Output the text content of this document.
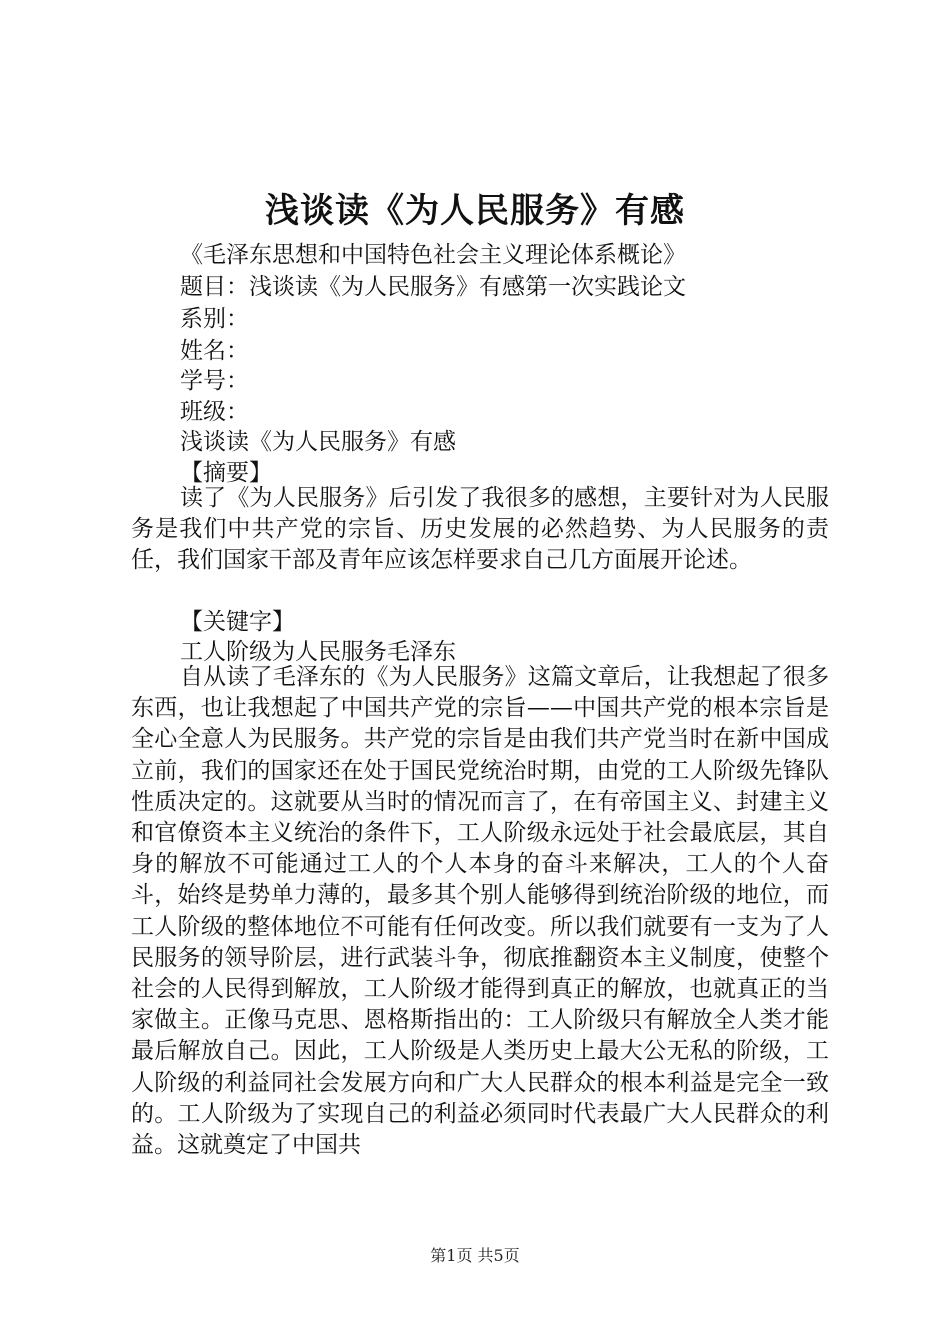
浅谈读《为人民服务》有感
《毛泽东思想和中国特色社会主义理论体系概论》
题目：浅谈读《为人民服务》有感第一次实践论文
系别：
姓名：
学号：
班级：
浅谈读《为人民服务》有感
【摘要】

读了《为人民服务》后引发了我很多的感想，主要针对为人民服务是我们中共产党的宗旨、历史发展的必然趋势、为人民服务的责任，我们国家干部及青年应该怎样要求自己几方面展开论述。

【关键字】
工人阶级为人民服务毛泽东

自从读了毛泽东的《为人民服务》这篇文章后，让我想起了很多东西，也让我想起了中国共产党的宗旨——中国共产党的根本宗旨是全心全意人为民服务。共产党的宗旨是由我们共产党当时在新中国成立前，我们的国家还在处于国民党统治时期，由党的工人阶级先锋队性质决定的。这就要从当时的情况而言了，在有帝国主义、封建主义和官僚资本主义统治的条件下，工人阶级永远处于社会最底层，其自身的解放不可能通过工人的个人本身的奋斗来解决，工人的个人奋斗，始终是势单力薄的，最多其个别人能够得到统治阶级的地位，而工人阶级的整体地位不可能有任何改变。所以我们就要有一支为了人民服务的领导阶层，进行武装斗争，彻底推翻资本主义制度，使整个社会的人民得到解放，工人阶级才能得到真正的解放，也就真正的当家做主。正像马克思、恩格斯指出的：工人阶级只有解放全人类才能最后解放自己。因此，工人阶级是人类历史上最大公无私的阶级，工人阶级的利益同社会发展方向和广大人民群众的根本利益是完全一致的。工人阶级为了实现自己的利益必须同时代表最广大人民群众的利益。这就奠定了中国共

第1页 共5页
